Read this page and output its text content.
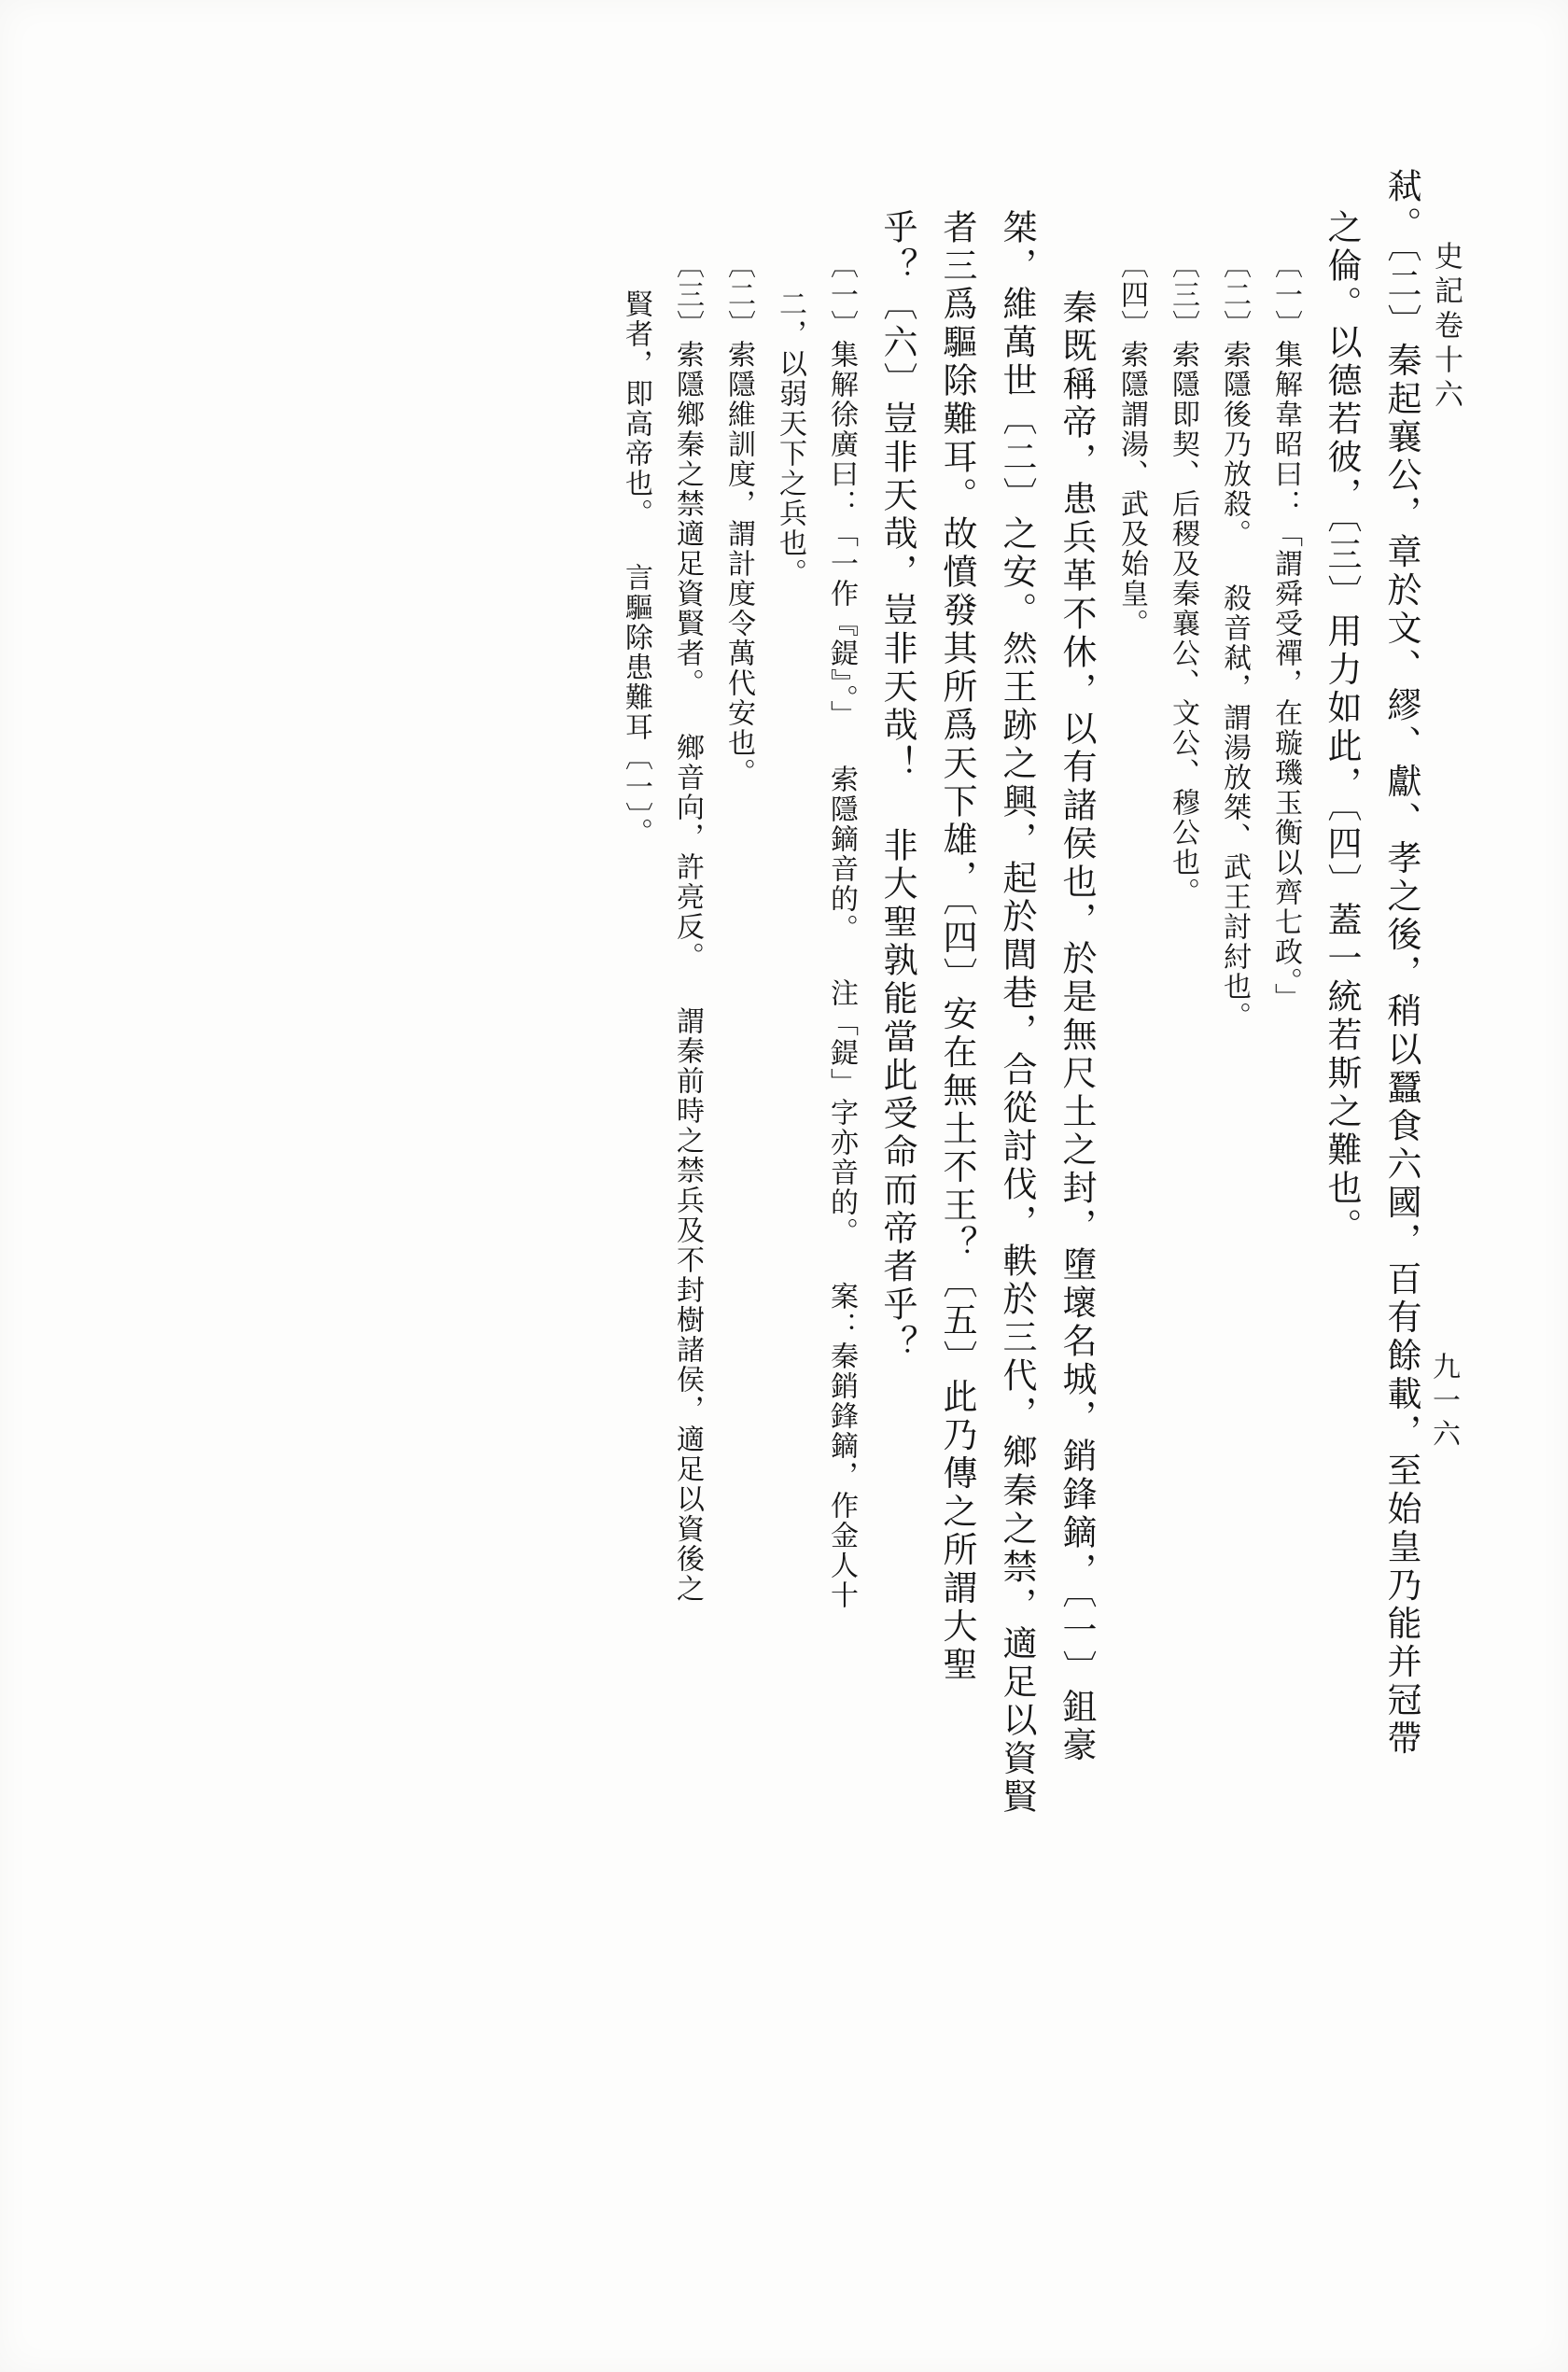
史記卷十六
九一六
弒。〔二〕秦起襄公，章於文、繆、獻、孝之後，稍以蠶食六國，百有餘載，至始皇乃能并冠帶
之倫。以德若彼，〔三〕用力如此，〔四〕蓋一統若斯之難也。
〔一〕集解韋昭曰：「謂舜受禪，在璇璣玉衡以齊七政。」
〔二〕索隱後乃放殺。 殺音弒，謂湯放桀、武王討紂也。
〔三〕索隱即契、后稷及秦襄公、文公、穆公也。
〔四〕索隱謂湯、武及始皇。
秦既稱帝，患兵革不休，以有諸侯也，於是無尺土之封，墮壞名城，銷鋒鏑，〔一〕鉏豪
桀，維萬世〔二〕之安。然王跡之興，起於閭巷，合從討伐，軼於三代，鄉秦之禁，適足以資賢
者三爲驅除難耳。故憤發其所爲天下雄，〔四〕安在無土不王？〔五〕此乃傳之所謂大聖
乎？〔六〕豈非天哉，豈非天哉！ 非大聖孰能當此受命而帝者乎？
〔一〕集解徐廣曰：「一作『鍉』。」 索隱鏑音的。 注「鍉」字亦音的。 案：秦銷鋒鏑，作金人十
二，以弱天下之兵也。
〔二〕索隱維訓度，謂計度令萬代安也。
〔三〕索隱鄉秦之禁適足資賢者。 鄉音向，許亮反。 謂秦前時之禁兵及不封樹諸侯，適足以資後之
賢者，即高帝也。 言驅除患難耳〔一〕。
